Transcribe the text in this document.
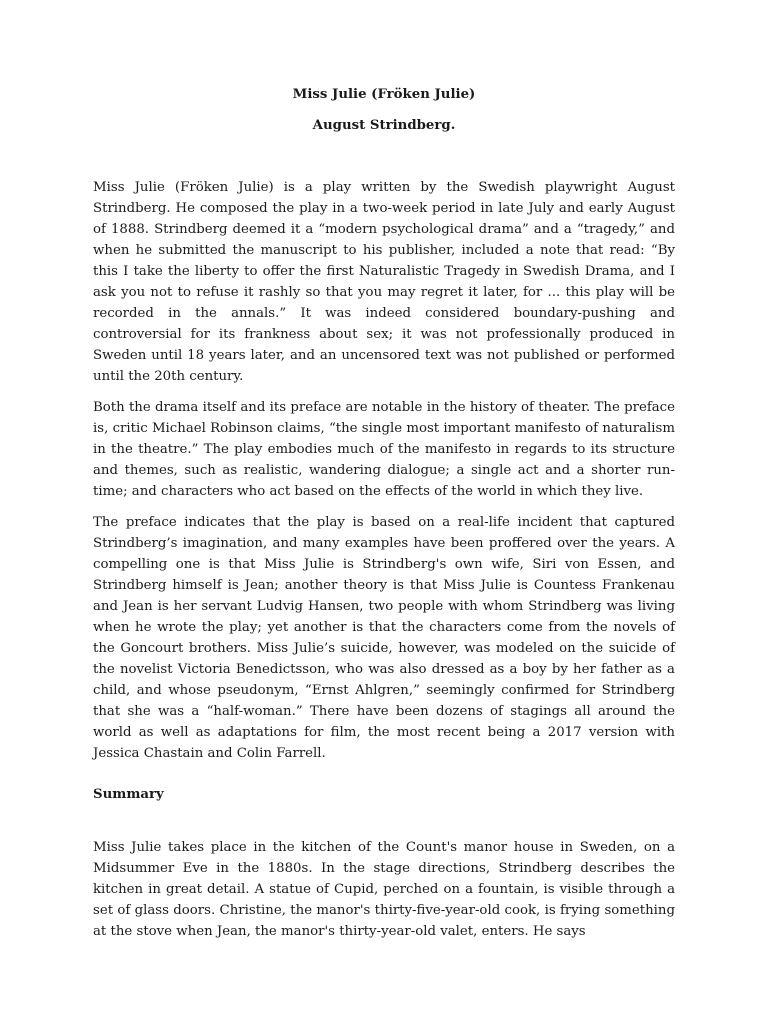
Miss Julie (Fröken Julie)

August Strindberg.

Miss Julie (Fröken Julie) is a play written by the Swedish playwright August Strindberg. He composed the play in a two-week period in late July and early August of 1888. Strindberg deemed it a “modern psychological drama” and a “tragedy,” and when he submitted the manuscript to his publisher, included a note that read: “By this I take the liberty to offer the first Naturalistic Tragedy in Swedish Drama, and I ask you not to refuse it rashly so that you may regret it later, for ... this play will be recorded in the annals.” It was indeed considered boundary-pushing and controversial for its frankness about sex; it was not professionally produced in Sweden until 18 years later, and an uncensored text was not published or performed until the 20th century.

Both the drama itself and its preface are notable in the history of theater. The preface is, critic Michael Robinson claims, “the single most important manifesto of naturalism in the theatre.” The play embodies much of the manifesto in regards to its structure and themes, such as realistic, wandering dialogue; a single act and a shorter run-time; and characters who act based on the effects of the world in which they live.

The preface indicates that the play is based on a real-life incident that captured Strindberg’s imagination, and many examples have been proffered over the years. A compelling one is that Miss Julie is Strindberg's own wife, Siri von Essen, and Strindberg himself is Jean; another theory is that Miss Julie is Countess Frankenau and Jean is her servant Ludvig Hansen, two people with whom Strindberg was living when he wrote the play; yet another is that the characters come from the novels of the Goncourt brothers. Miss Julie’s suicide, however, was modeled on the suicide of the novelist Victoria Benedictsson, who was also dressed as a boy by her father as a child, and whose pseudonym, “Ernst Ahlgren,” seemingly confirmed for Strindberg that she was a “half-woman.” There have been dozens of stagings all around the world as well as adaptations for film, the most recent being a 2017 version with Jessica Chastain and Colin Farrell.

Summary

Miss Julie takes place in the kitchen of the Count's manor house in Sweden, on a Midsummer Eve in the 1880s. In the stage directions, Strindberg describes the kitchen in great detail. A statue of Cupid, perched on a fountain, is visible through a set of glass doors. Christine, the manor's thirty-five-year-old cook, is frying something at the stove when Jean, the manor's thirty-year-old valet, enters. He says
